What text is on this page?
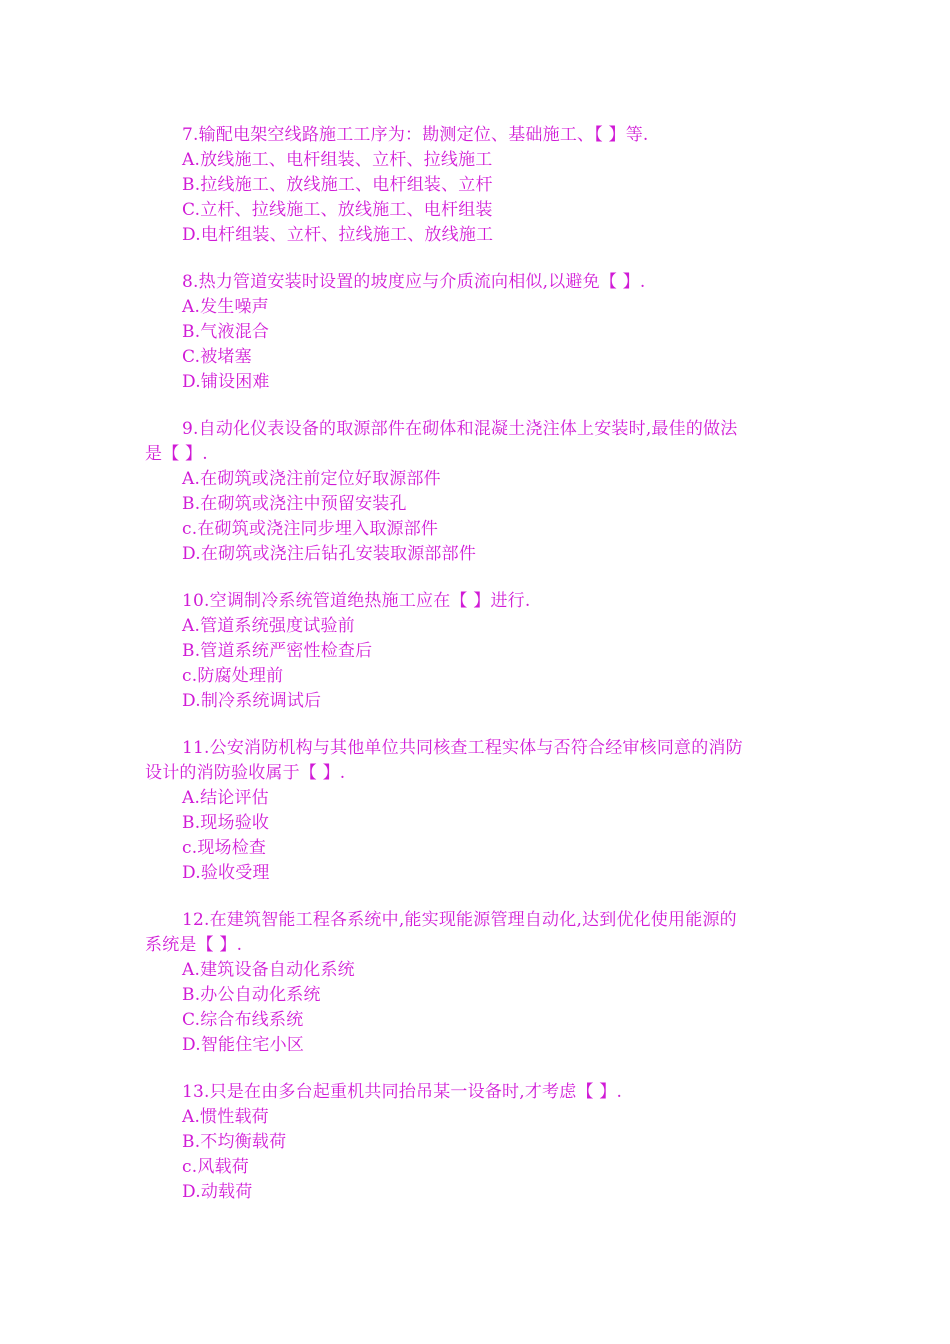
7.输配电架空线路施工工序为：勘测定位、基础施工、【 】等.
A.放线施工、电杆组装、立杆、拉线施工
B.拉线施工、放线施工、电杆组装、立杆
C.立杆、拉线施工、放线施工、电杆组装
D.电杆组装、立杆、拉线施工、放线施工
8.热力管道安装时设置的坡度应与介质流向相似,以避免【 】.
A.发生噪声
B.气液混合
C.被堵塞
D.铺设困难
9.自动化仪表设备的取源部件在砌体和混凝土浇注体上安装时,最佳的做法
是【 】.
A.在砌筑或浇注前定位好取源部件
B.在砌筑或浇注中预留安装孔
c.在砌筑或浇注同步埋入取源部件
D.在砌筑或浇注后钻孔安装取源部部件
10.空调制冷系统管道绝热施工应在【 】进行.
A.管道系统强度试验前
B.管道系统严密性检查后
c.防腐处理前
D.制冷系统调试后
11.公安消防机构与其他单位共同核查工程实体与否符合经审核同意的消防
设计的消防验收属于【 】.
A.结论评估
B.现场验收
c.现场检查
D.验收受理
12.在建筑智能工程各系统中,能实现能源管理自动化,达到优化使用能源的
系统是【 】.
A.建筑设备自动化系统
B.办公自动化系统
C.综合布线系统
D.智能住宅小区
13.只是在由多台起重机共同抬吊某一设备时,才考虑【 】.
A.惯性载荷
B.不均衡载荷
c.风载荷
D.动载荷
